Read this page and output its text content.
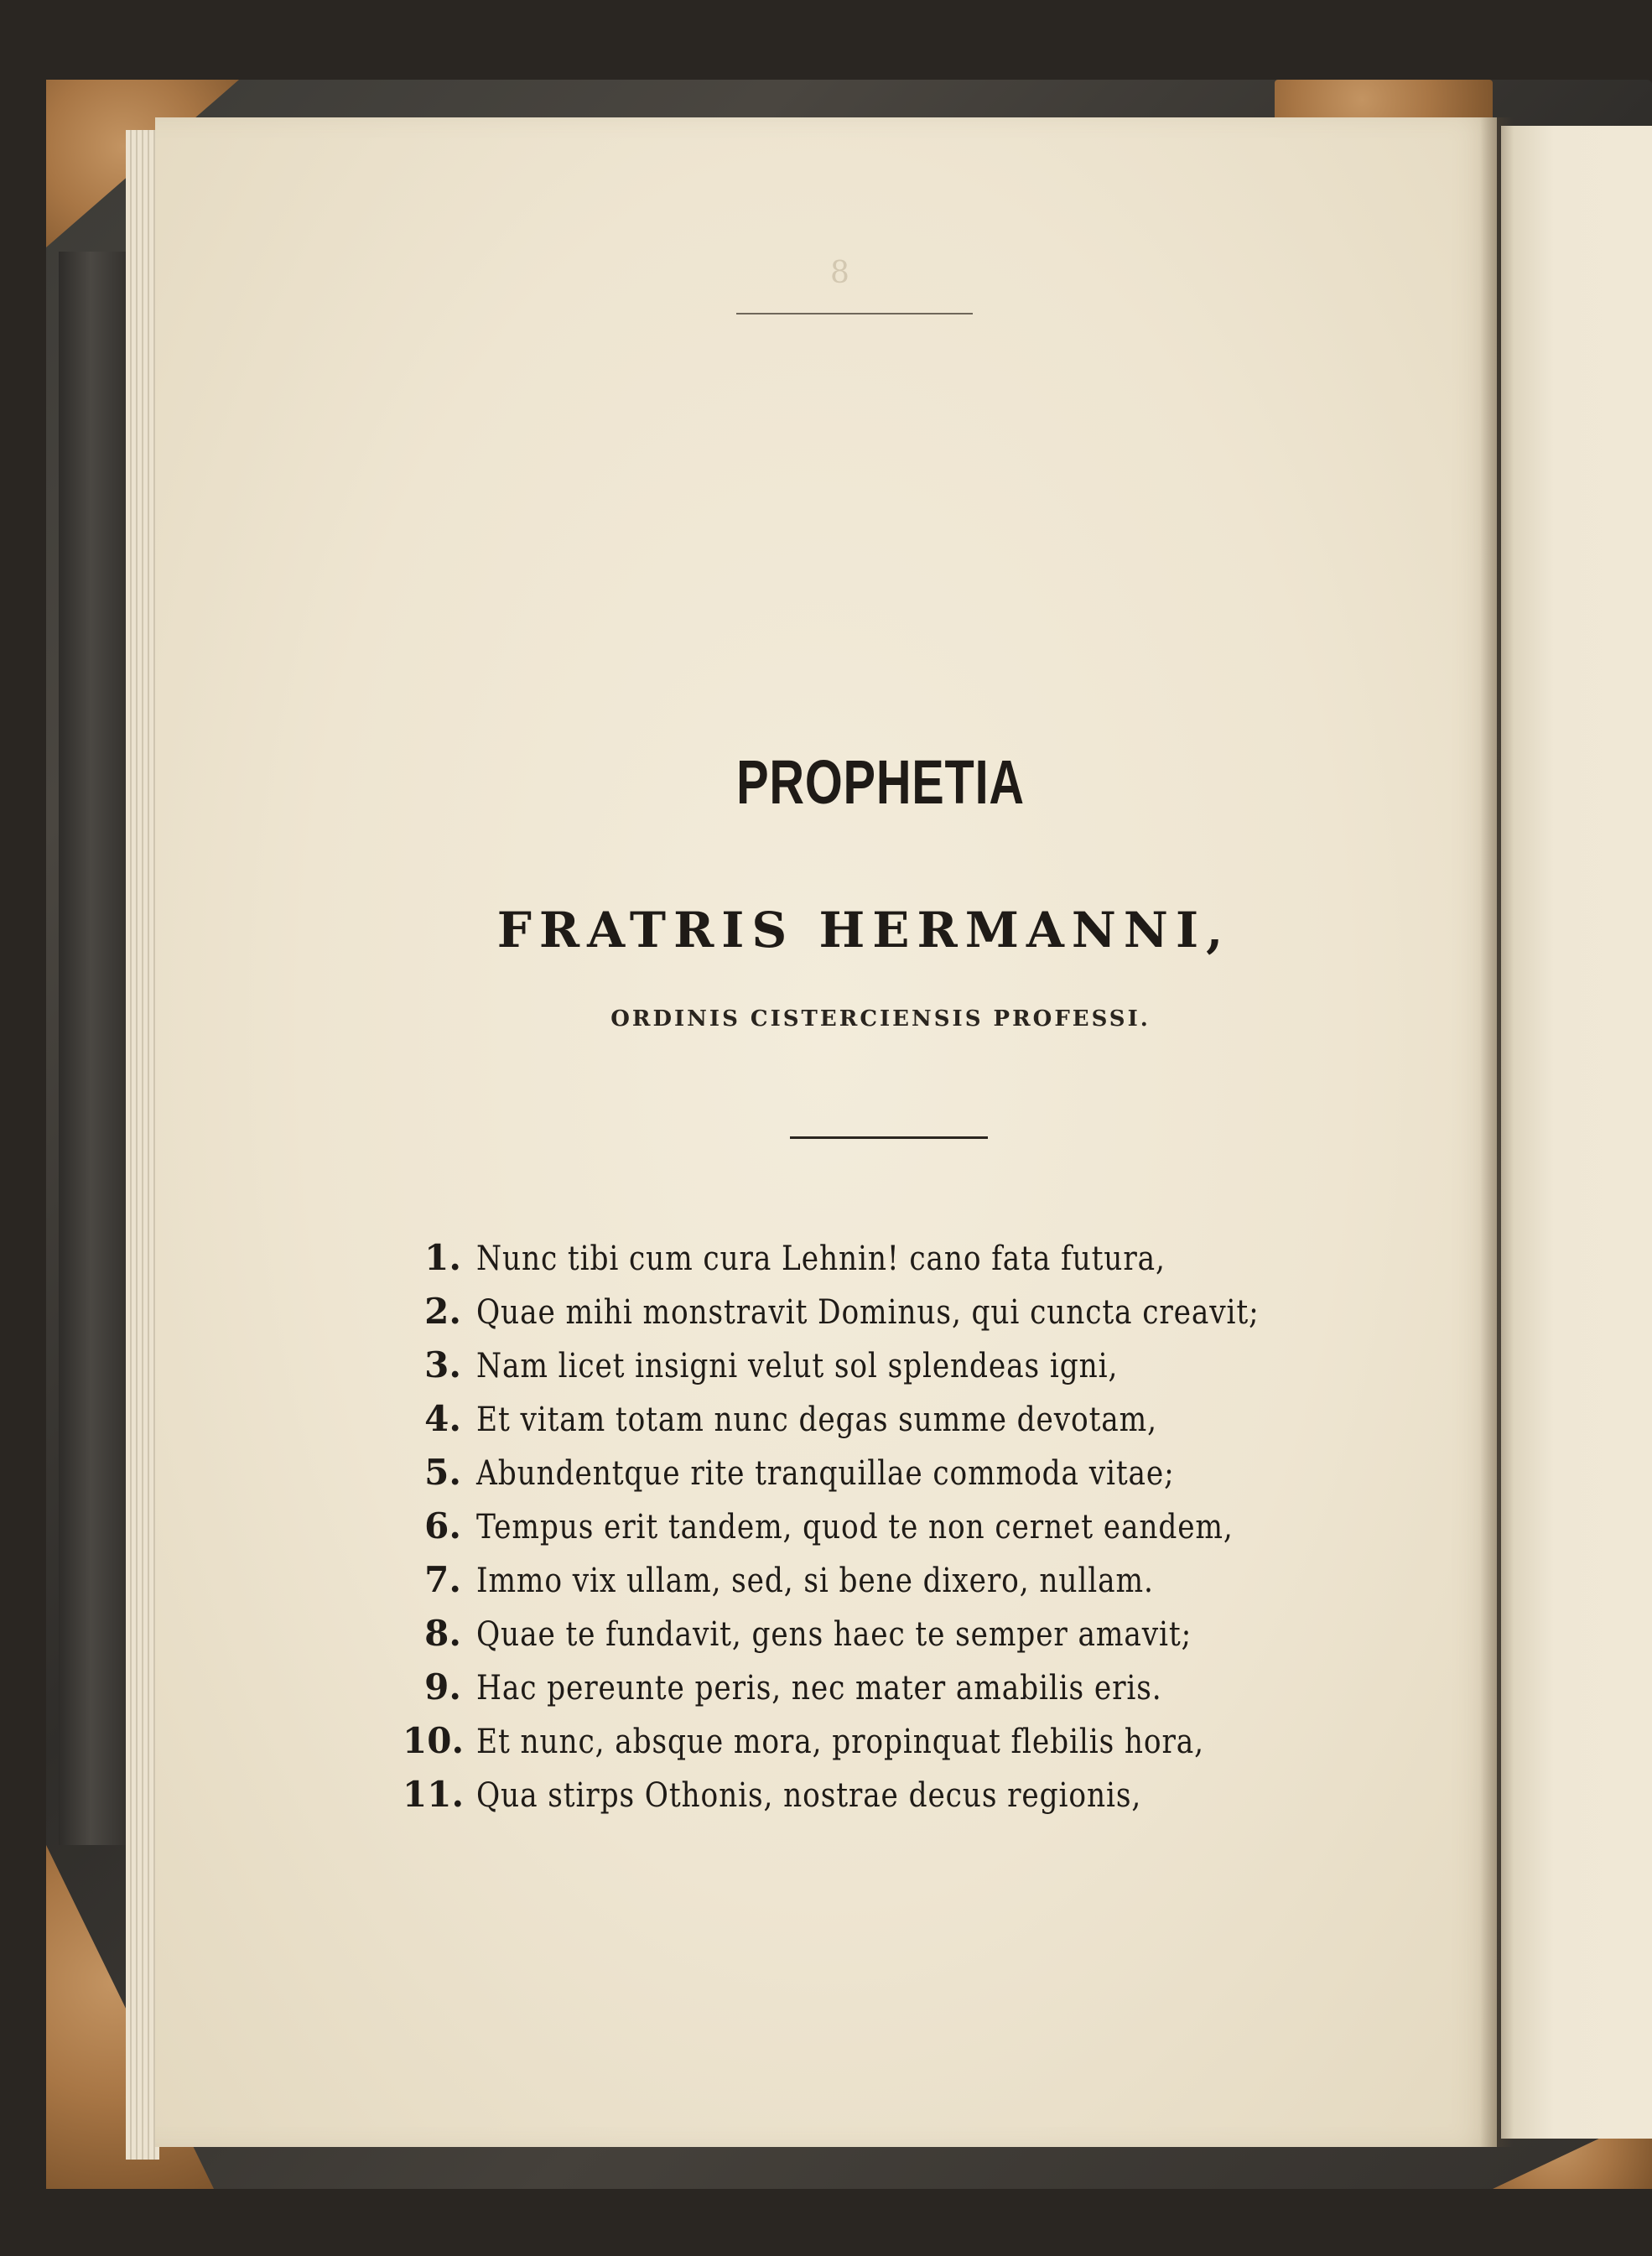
8
PROPHETIA
FRATRIS HERMANNI,
ORDINIS CISTERCIENSIS PROFESSI.
1. Nunc tibi cum cura Lehnin! cano fata futura,
2. Quae mihi monstravit Dominus, qui cuncta creavit;
3. Nam licet insigni velut sol splendeas igni,
4. Et vitam totam nunc degas summe devotam,
5. Abundentque rite tranquillae commoda vitae;
6. Tempus erit tandem, quod te non cernet eandem,
7. Immo vix ullam, sed, si bene dixero, nullam.
8. Quae te fundavit, gens haec te semper amavit;
9. Hac pereunte peris, nec mater amabilis eris.
10. Et nunc, absque mora, propinquat flebilis hora,
11. Qua stirps Othonis, nostrae decus regionis,
